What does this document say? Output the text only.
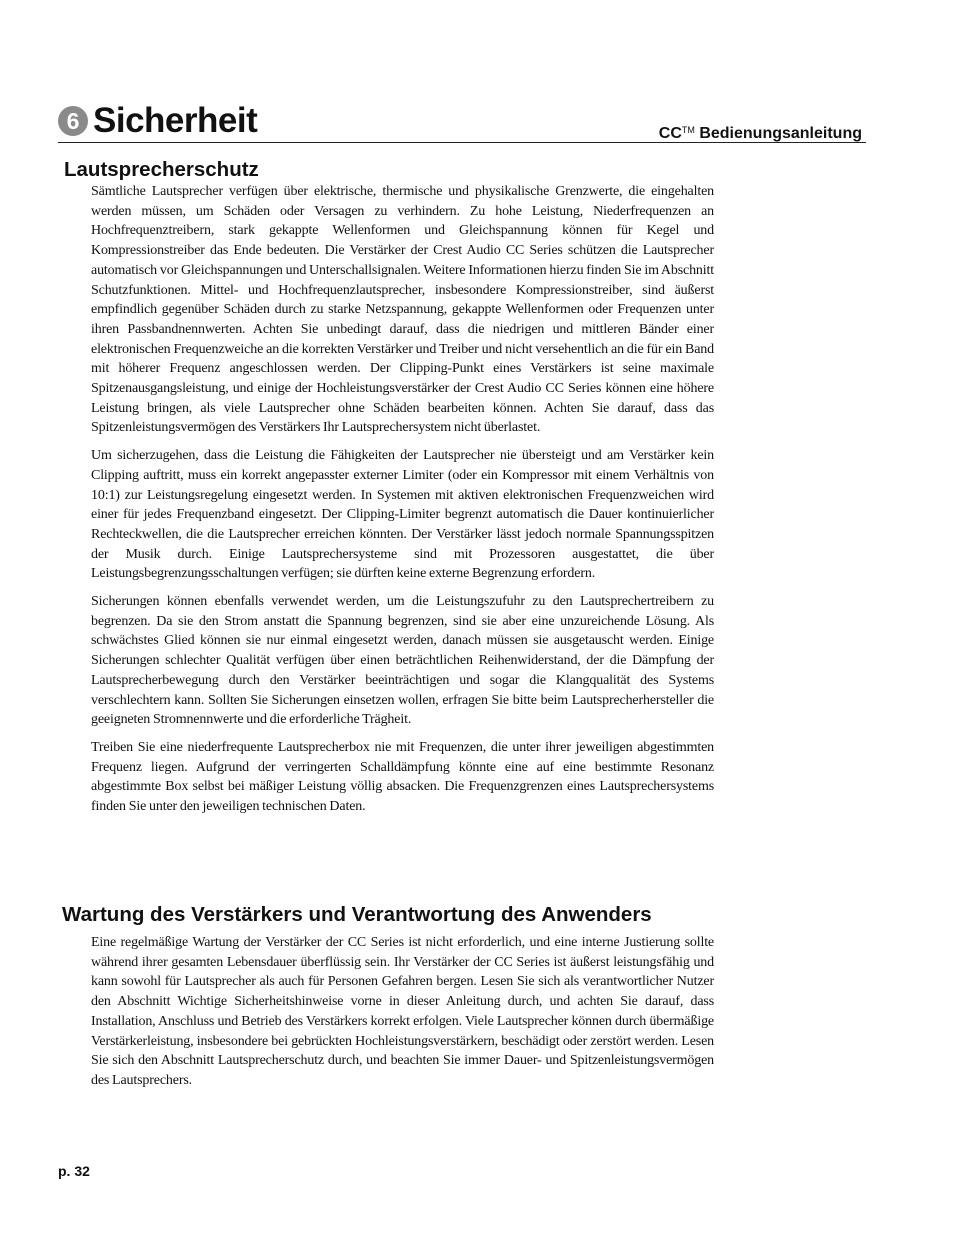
6 Sicherheit	CC™ Bedienungsanleitung
Lautsprecherschutz

Sämtliche Lautsprecher verfügen über elektrische, thermische und physikalische Grenzwerte, die eingehalten werden müssen, um Schäden oder Versagen zu verhindern. Zu hohe Leistung, Niederfrequenzen an Hochfrequenztreibern, stark gekappte Wellenformen und Gleichspannung können für Kegel und Kompressionstreiber das Ende bedeuten. Die Verstärker der Crest Audio CC Series schützen die Lautsprecher automatisch vor Gleichspannungen und Unterschallsignalen. Weitere Informationen hierzu finden Sie im Abschnitt Schutzfunktionen. Mittel- und Hochfrequenzlautsprecher, insbesondere Kompressionstreiber, sind äußerst empfindlich gegenüber Schäden durch zu starke Netzspannung, gekappte Wellenformen oder Frequenzen unter ihren Passbandnennwerten. Achten Sie unbedingt darauf, dass die niedrigen und mittleren Bänder einer elektronischen Frequenzweiche an die korrekten Verstärker und Treiber und nicht versehentlich an die für ein Band mit höherer Frequenz angeschlossen werden. Der Clipping-Punkt eines Verstärkers ist seine maximale Spitzenausgangsleistung, und einige der Hochleistungsverstärker der Crest Audio CC Series können eine höhere Leistung bringen, als viele Lautsprecher ohne Schäden bearbeiten können. Achten Sie darauf, dass das Spitzenleistungsvermögen des Verstärkers Ihr Lautsprechersystem nicht überlastet.

Um sicherzugehen, dass die Leistung die Fähigkeiten der Lautsprecher nie übersteigt und am Verstärker kein Clipping auftritt, muss ein korrekt angepasster externer Limiter (oder ein Kompressor mit einem Verhältnis von 10:1) zur Leistungsregelung eingesetzt werden. In Systemen mit aktiven elektronischen Frequenzweichen wird einer für jedes Frequenzband eingesetzt. Der Clipping-Limiter begrenzt automatisch die Dauer kontinuierlicher Rechteckwellen, die die Lautsprecher erreichen könnten. Der Verstärker lässt jedoch normale Spannungsspitzen der Musik durch. Einige Lautsprechersysteme sind mit Prozessoren ausgestattet, die über Leistungsbegrenzungsschaltungen verfügen; sie dürften keine externe Begrenzung erfordern.

Sicherungen können ebenfalls verwendet werden, um die Leistungszufuhr zu den Lautsprechertreibern zu begrenzen. Da sie den Strom anstatt die Spannung begrenzen, sind sie aber eine unzureichende Lösung. Als schwächstes Glied können sie nur einmal eingesetzt werden, danach müssen sie ausgetauscht werden. Einige Sicherungen schlechter Qualität verfügen über einen beträchtlichen Reihenwiderstand, der die Dämpfung der Lautsprecherbewegung durch den Verstärker beeinträchtigen und sogar die Klangqualität des Systems verschlechtern kann. Sollten Sie Sicherungen einsetzen wollen, erfragen Sie bitte beim Lautsprecherhersteller die geeigneten Stromnennwerte und die erforderliche Trägheit.

Treiben Sie eine niederfrequente Lautsprecherbox nie mit Frequenzen, die unter ihrer jeweiligen abgestimmten Frequenz liegen. Aufgrund der verringerten Schalldämpfung könnte eine auf eine bestimmte Resonanz abgestimmte Box selbst bei mäßiger Leistung völlig absacken. Die Frequenzgrenzen eines Lautsprechersystems finden Sie unter den jeweiligen technischen Daten.

Wartung des Verstärkers und Verantwortung des Anwenders

Eine regelmäßige Wartung der Verstärker der CC Series ist nicht erforderlich, und eine interne Justierung sollte während ihrer gesamten Lebensdauer überflüssig sein. Ihr Verstärker der CC Series ist äußerst leistungsfähig und kann sowohl für Lautsprecher als auch für Personen Gefahren bergen. Lesen Sie sich als verantwortlicher Nutzer den Abschnitt Wichtige Sicherheitshinweise vorne in dieser Anleitung durch, und achten Sie darauf, dass Installation, Anschluss und Betrieb des Verstärkers korrekt erfolgen. Viele Lautsprecher können durch übermäßige Verstärkerleistung, insbesondere bei gebrückten Hochleistungsverstärkern, beschädigt oder zerstört werden. Lesen Sie sich den Abschnitt Lautsprecherschutz durch, und beachten Sie immer Dauer- und Spitzenleistungsvermögen des Lautsprechers.

p. 32
